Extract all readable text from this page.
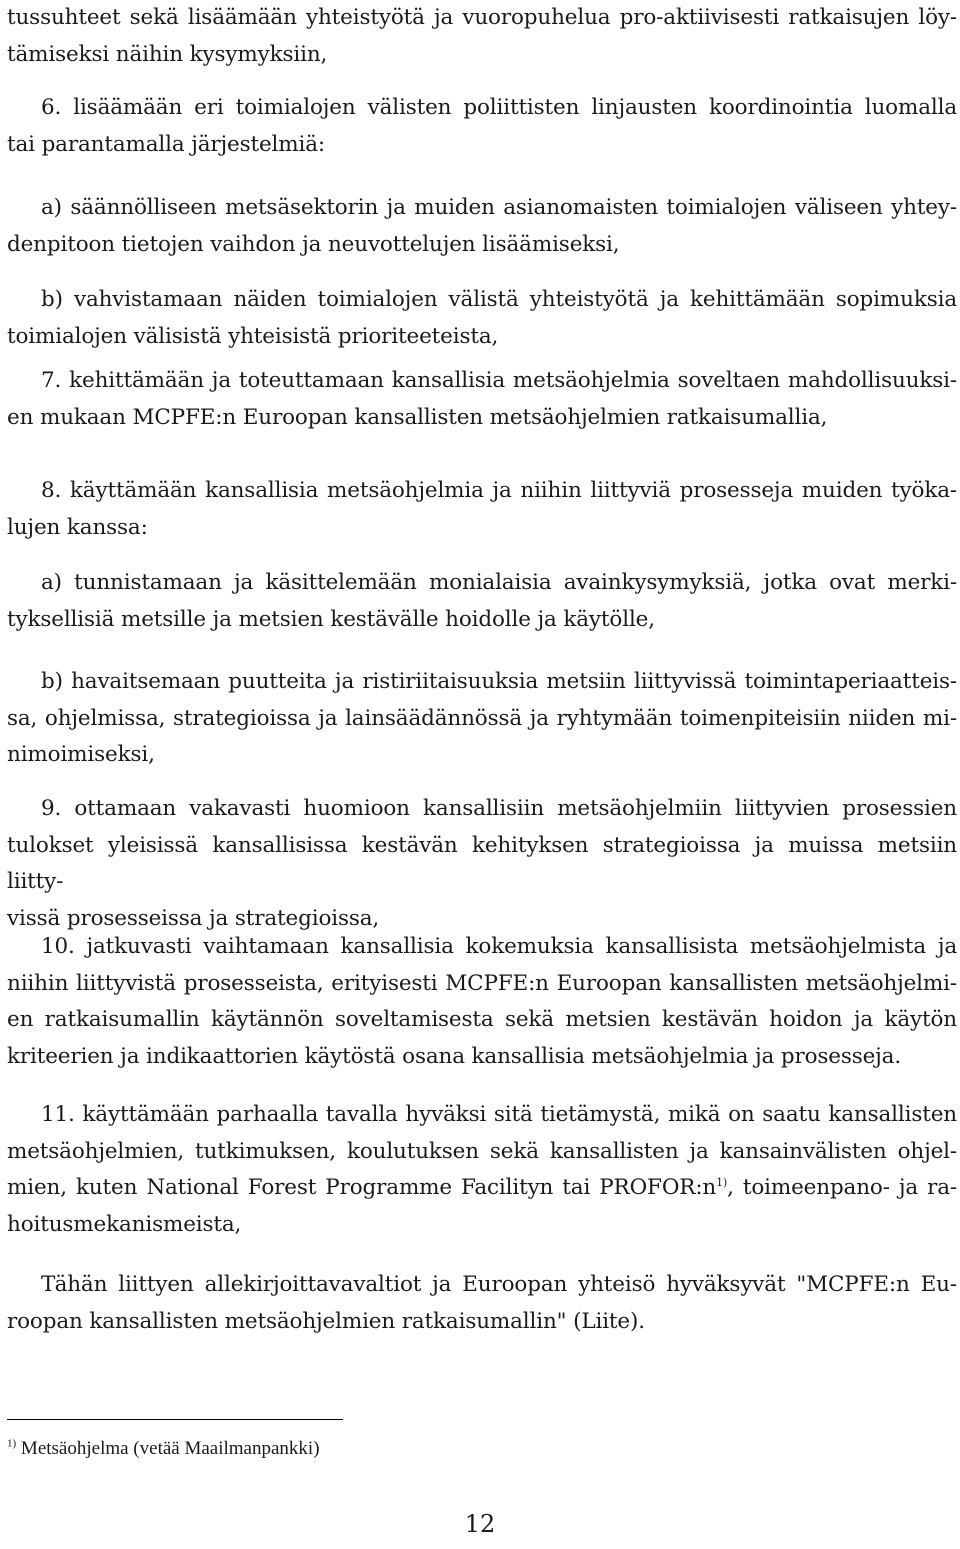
tussuhteet sekä lisäämään yhteistyötä ja vuoropuhelua pro-aktiivisesti ratkaisujen löy-
tämiseksi näihin kysymyksiin,
6. lisäämään eri toimialojen välisten poliittisten linjausten koordinointia luomalla
tai parantamalla järjestelmiä:
a) säännölliseen metsäsektorin ja muiden asianomaisten toimialojen väliseen yhtey-
denpitoon tietojen vaihdon ja neuvottelujen lisäämiseksi,
b) vahvistamaan näiden toimialojen välistä yhteistyötä ja kehittämään sopimuksia
toimialojen välisistä yhteisistä prioriteeteista,
7. kehittämään ja toteuttamaan kansallisia metsäohjelmia soveltaen mahdollisuuksi-
en mukaan MCPFE:n Euroopan kansallisten metsäohjelmien ratkaisumallia,
8. käyttämään kansallisia metsäohjelmia ja niihin liittyviä prosesseja muiden työka-
lujen kanssa:
a) tunnistamaan ja käsittelemään monialaisia avainkysymyksiä, jotka ovat merki-
tyksellisiä metsille ja metsien kestävälle hoidolle ja käytölle,
b) havaitsemaan puutteita ja ristiriitaisuuksia metsiin liittyvissä toimintaperiaatteis-
sa, ohjelmissa, strategioissa ja lainsäädännössä ja ryhtymään toimenpiteisiin niiden mi-
nimoimiseksi,
9. ottamaan vakavasti huomioon kansallisiin metsäohjelmiin liittyvien prosessien
tulokset yleisissä kansallisissa kestävän kehityksen strategioissa ja muissa metsiin liitty-
vissä prosesseissa ja strategioissa,
10. jatkuvasti vaihtamaan kansallisia kokemuksia kansallisista metsäohjelmista ja
niihin liittyvistä prosesseista, erityisesti MCPFE:n Euroopan kansallisten metsäohjelmi-
en ratkaisumallin käytännön soveltamisesta sekä metsien kestävän hoidon ja käytön
kriteerien ja indikaattorien käytöstä osana kansallisia metsäohjelmia ja prosesseja.
11. käyttämään parhaalla tavalla hyväksi sitä tietämystä, mikä on saatu kansallisten
metsäohjelmien, tutkimuksen, koulutuksen sekä kansallisten ja kansainvälisten ohjel-
mien, kuten National Forest Programme Facilityn tai $PROFOR:n^{1)}$, toimeenpano- ja ra-
hoitusmekanismeista,
Tähän liittyen allekirjoittavavaltiot ja Euroopan yhteisö hyväksyvät "MCPFE:n Eu-
roopan kansallisten metsäohjelmien ratkaisumallin" (Liite).
$^{1)}$ Metsäohjelma (vetää Maailmanpankki)
12
